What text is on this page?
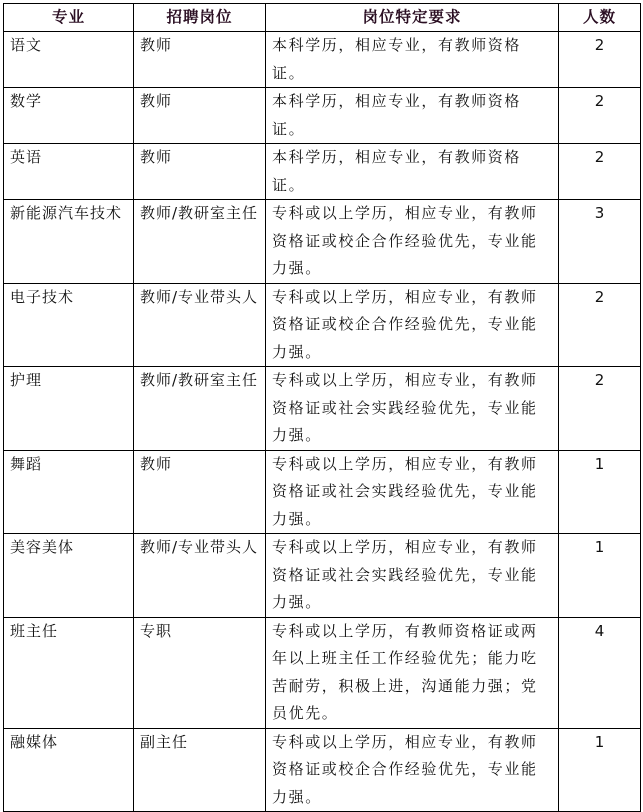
专业	招聘岗位	岗位特定要求	人数
语文	教师	本科学历，相应专业，有教师资格证。	2
数学	教师	本科学历，相应专业，有教师资格证。	2
英语	教师	本科学历，相应专业，有教师资格证。	2
新能源汽车技术	教师/教研室主任	专科或以上学历，相应专业，有教师资格证或校企合作经验优先，专业能力强。	3
电子技术	教师/专业带头人	专科或以上学历，相应专业，有教师资格证或校企合作经验优先，专业能力强。	2
护理	教师/教研室主任	专科或以上学历，相应专业，有教师资格证或社会实践经验优先，专业能力强。	2
舞蹈	教师	专科或以上学历，相应专业，有教师资格证或社会实践经验优先，专业能力强。	1
美容美体	教师/专业带头人	专科或以上学历，相应专业，有教师资格证或社会实践经验优先，专业能力强。	1
班主任	专职	专科或以上学历，有教师资格证或两年以上班主任工作经验优先；能力吃苦耐劳，积极上进，沟通能力强；党员优先。	4
融媒体	副主任	专科或以上学历，相应专业，有教师资格证或校企合作经验优先，专业能力强。	1
